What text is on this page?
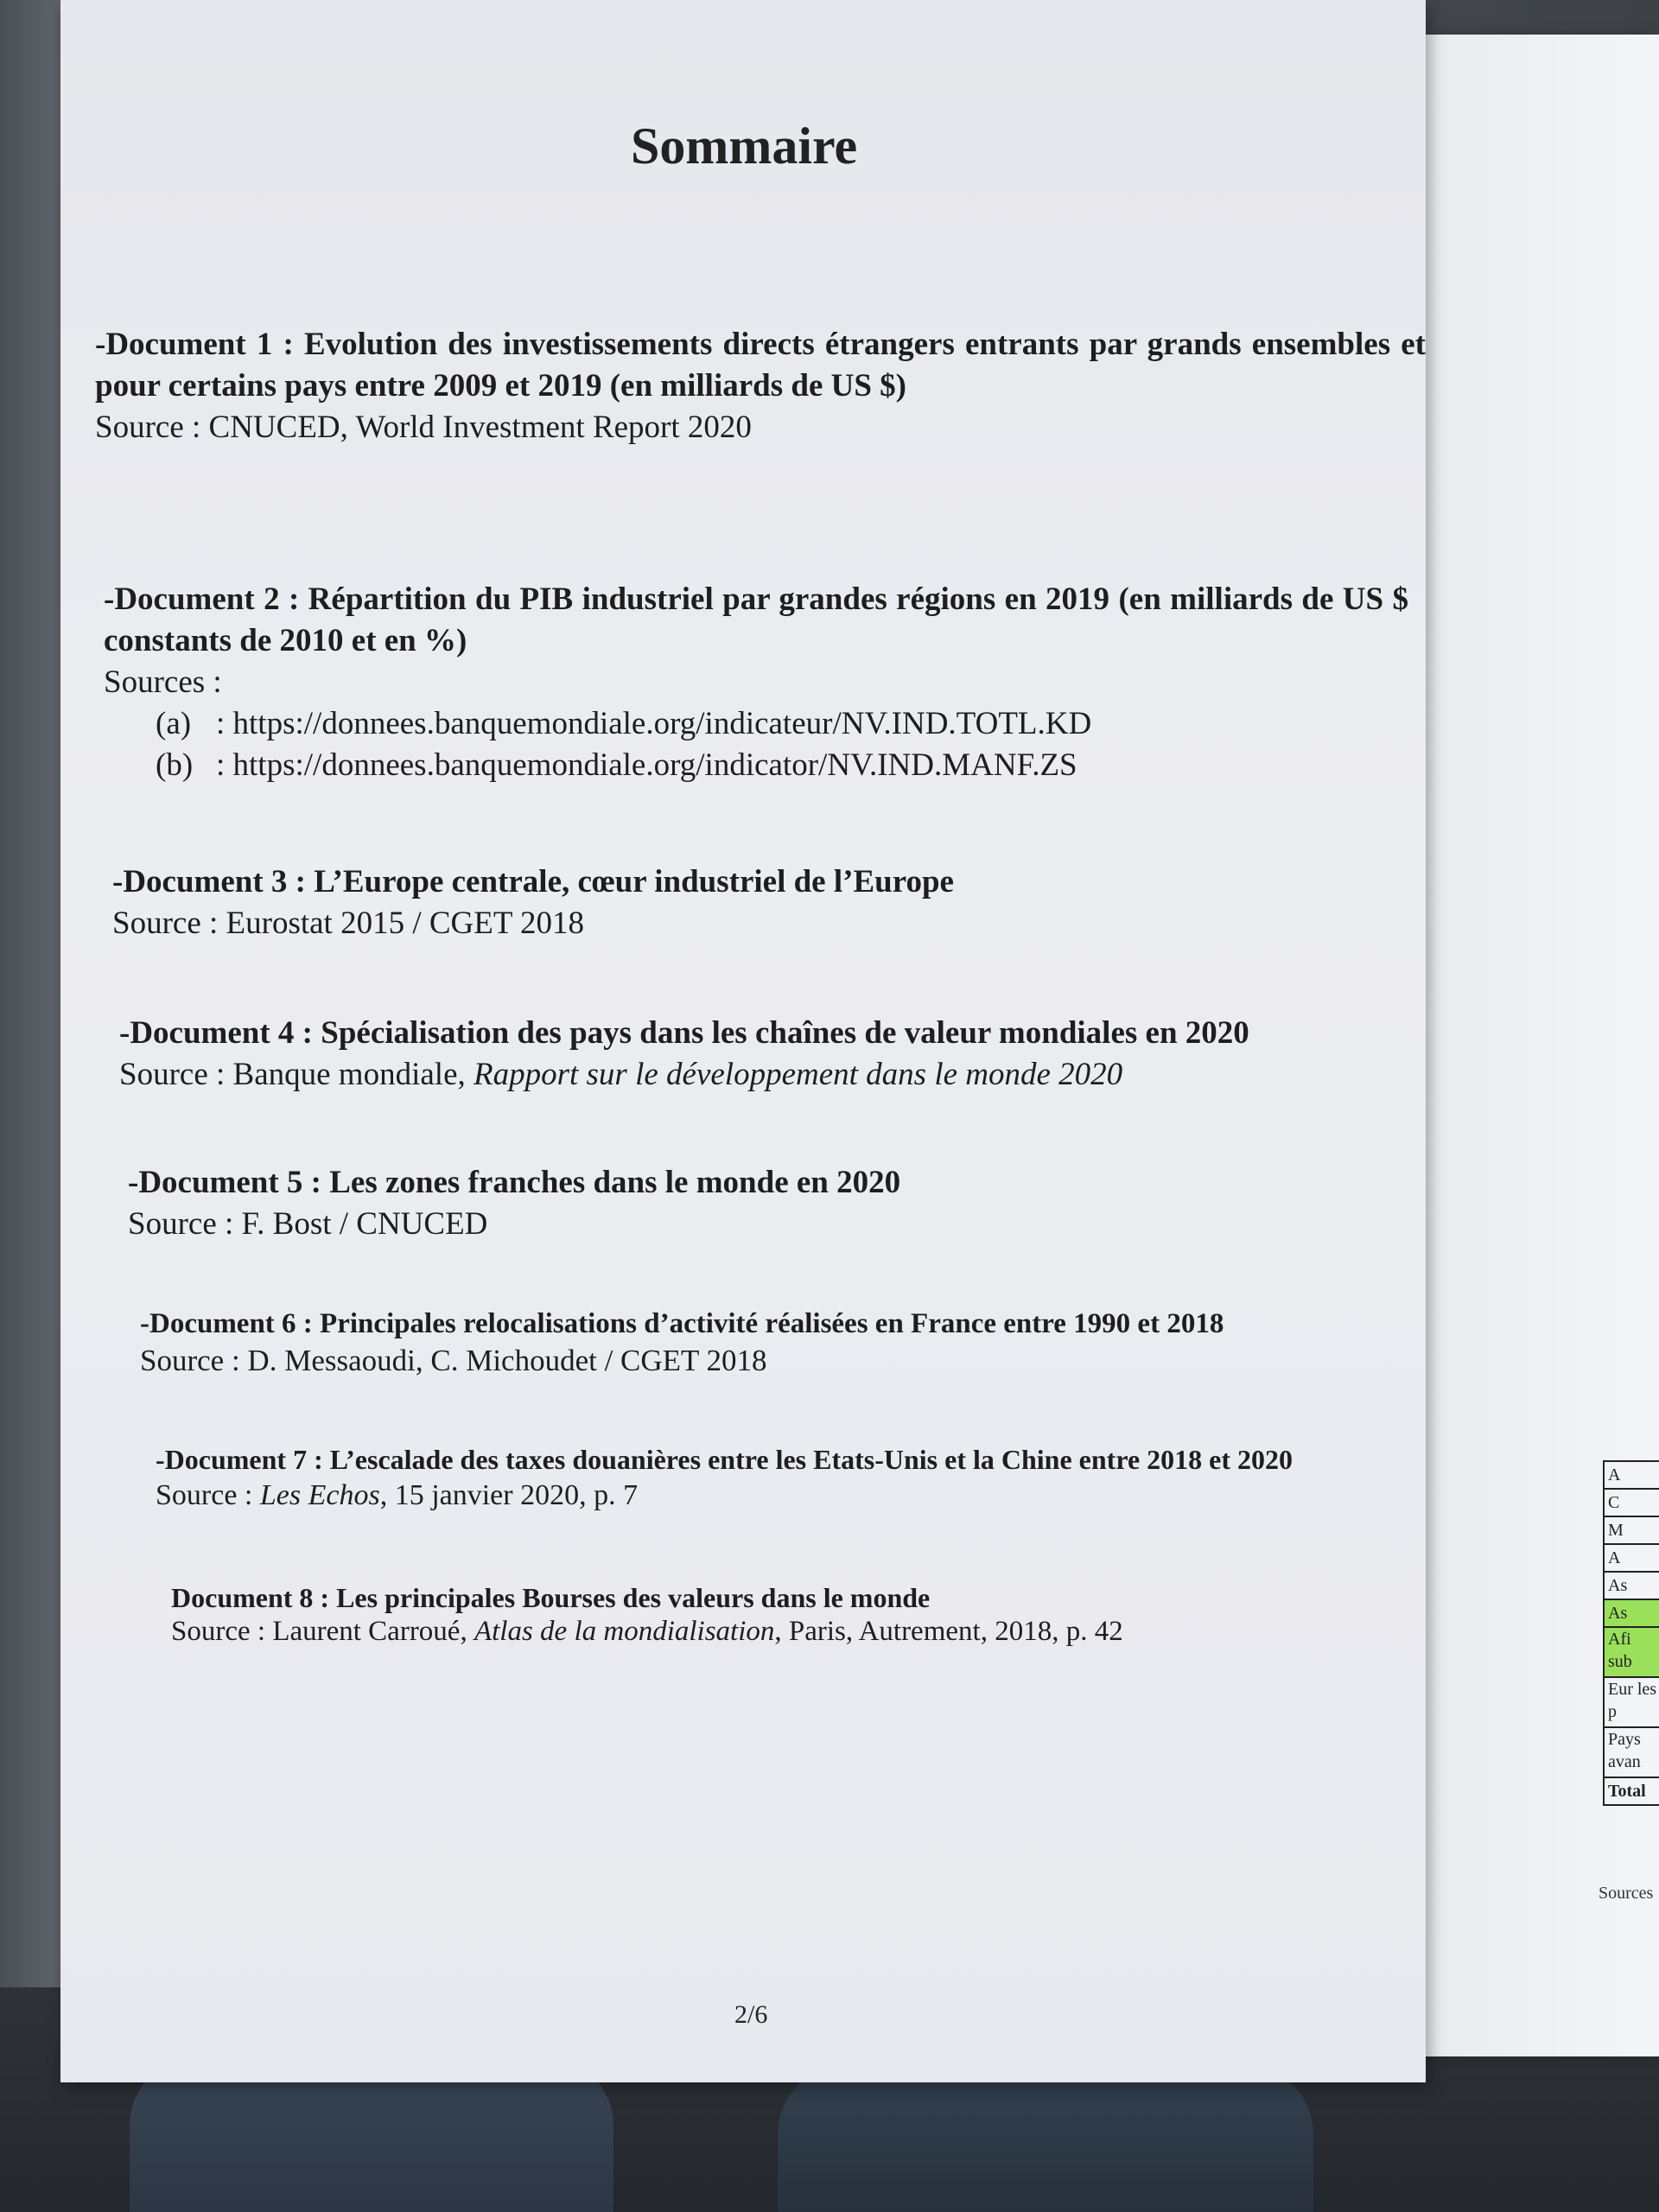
A
C
M
A
As
As
Afi sub
Eur les p
Pays avan
Total
Sources
Sommaire
-Document 1 : Evolution des investissements directs étrangers entrants par grands ensembles et pour certains pays entre 2009 et 2019 (en milliards de US $)
Source : CNUCED, World Investment Report 2020
-Document 2 : Répartition du PIB industriel par grandes régions en 2019 (en milliards de US $ constants de 2010 et en %)
Sources :
(a) : https://donnees.banquemondiale.org/indicateur/NV.IND.TOTL.KD
(b) : https://donnees.banquemondiale.org/indicator/NV.IND.MANF.ZS
-Document 3 : L’Europe centrale, cœur industriel de l’Europe
Source : Eurostat 2015 / CGET 2018
-Document 4 : Spécialisation des pays dans les chaînes de valeur mondiales en 2020
Source : Banque mondiale, Rapport sur le développement dans le monde 2020
-Document 5 : Les zones franches dans le monde en 2020
Source : F. Bost / CNUCED
-Document 6 : Principales relocalisations d’activité réalisées en France entre 1990 et 2018
Source : D. Messaoudi, C. Michoudet / CGET 2018
-Document 7 : L’escalade des taxes douanières entre les Etats-Unis et la Chine entre 2018 et 2020
Source : Les Echos, 15 janvier 2020, p. 7
Document 8 : Les principales Bourses des valeurs dans le monde
Source : Laurent Carroué, Atlas de la mondialisation, Paris, Autrement, 2018, p. 42
2/6
